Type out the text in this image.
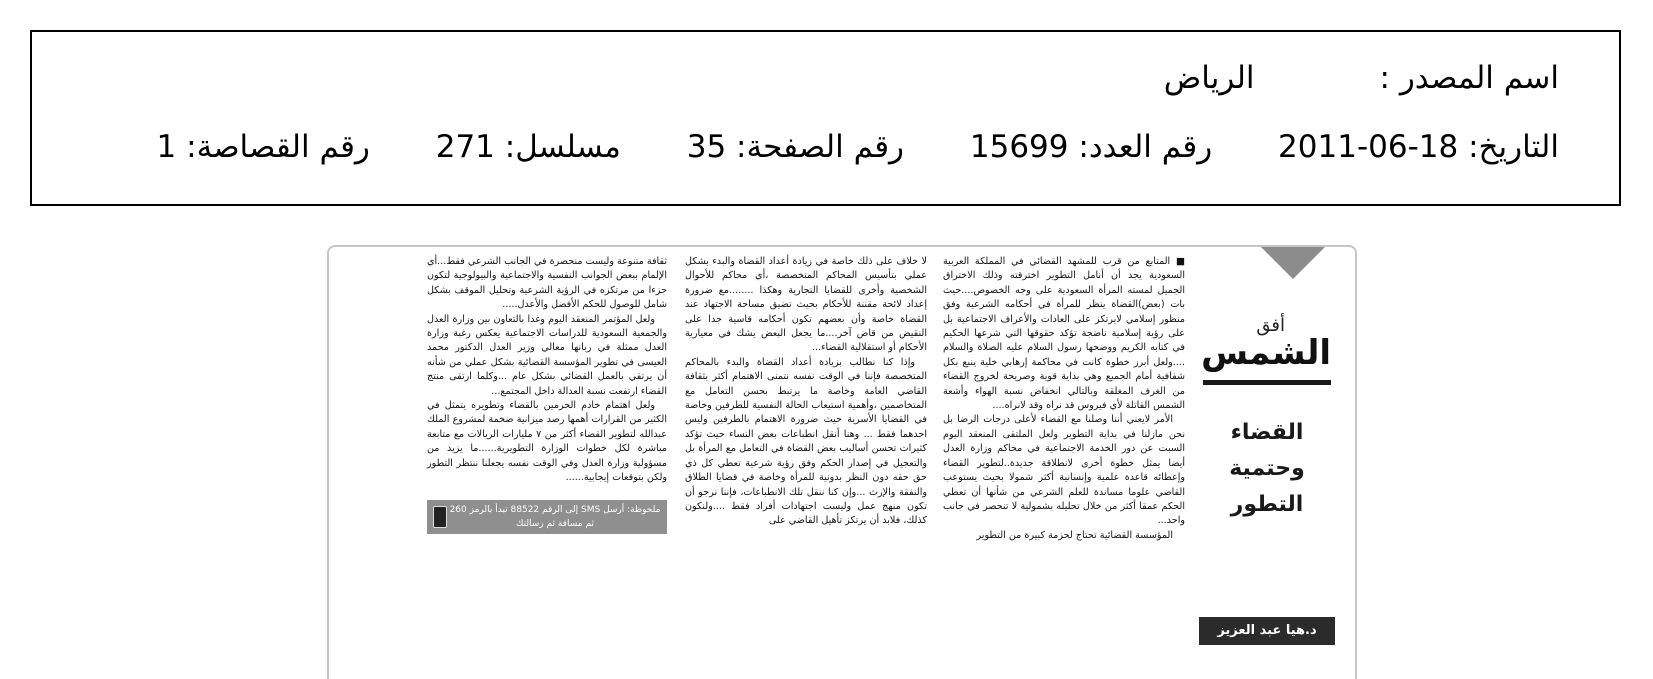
اسم المصدر :الرياض
التاريخ: 2011-06-18 رقم العدد: 15699 رقم الصفحة: 35 مسلسل: 271 رقم القصاصة: 1
أفق
الشمس
القضاء
وحتمية
التطور
د.هيا عبد العزيز المنيع

■ المتابع من قرب للمشهد القضائي في المملكة العربية السعودية يجد أن أنامل التطوير اخترقته وذلك الاختراق الجميل لمسته المرأة السعودية على وجه الخصوص....حيث بات (بعض)القضاة ينظر للمرأة في أحكامه الشرعية وفق منظور إسلامي لايرتكز على العادات والأعراف الاجتماعية بل على رؤية إسلامية ناضجة تؤكد حقوقها التي شرعها الحكيم في كتابه الكريم ووضحها رسول السلام عليه الصلاة والسلام ....ولعل أبرز خطوة كانت في محاكمة إرهابي خلية ينبع بكل شفافية أمام الجميع وهي بداية قوية وصريحة لخروج القضاء من الغرف المغلقة وبالتالي انخفاض نسبة الهواء وأشعة الشمس القاتلة لأي فيروس قد نراه وقد لانراه....

الأمر لايعني أننا وصلنا مع القضاء لأعلى درجات الرضا بل نحن مازلنا في بداية التطوير ولعل الملتقى المنعقد اليوم السبت عن دور الخدمة الاجتماعية في محاكم وزارة العدل أيضا يمثل خطوة أخرى لانطلاقة جديدة..لتطوير القضاء وإعطائه قاعدة علمية وإنسانية أكثر شمولا بحيث يستوعب القاضي علوما مساندة للعلم الشرعي من شأنها أن تعطي الحكم عمقا أكثر من خلال تحليله بشمولية لا تنحصر في جانب واحد...

المؤسسة القضائية تحتاج لحزمة كبيرة من التطوير

لا خلاف على ذلك خاصة في زيادة أعداد القضاة والبدء بشكل عملي بتأسيس المحاكم المتخصصة ،أي محاكم للأحوال الشخصية وأخرى للقضايا التجارية وهكذا ........مع ضرورة إعداد لائحة مقننة للأحكام بحيث تضيق مساحة الاجتهاد عند القضاة خاصة وأن بعضهم تكون أحكامه قاسية جدا على النقيض من قاض آخر....ما يجعل البعض يشك في معيارية الأحكام أو استقلالية القضاء...

وإذا كنا نطالب بزيادة أعداد القضاة والبدء بالمحاكم المتخصصة فإننا في الوقت نفسه نتمنى الاهتمام أكثر بثقافة القاضي العامة وخاصة ما يرتبط بحسن التعامل مع المتخاصمين ،وأهمية استيعاب الحالة النفسية للطرفين وخاصة في القضايا الأسرية حيث ضرورة الاهتمام بالطرفين وليس احدهما فقط ... وهنا أنقل انطباعات بعض النساء حيث تؤكد كثيرات تحسن أساليب بعض القضاة في التعامل مع المرأة بل والتعجيل في إصدار الحكم وفق رؤية شرعية تعطي كل ذي حق حقه دون النظر بدونية للمرأة وخاصة في قضايا الطلاق والنفقة والإرث ...وإن كنا ننقل تلك الانطباعات، فإننا نرجو أن تكون منهج عمل وليست اجتهادات أفراد فقط ....ولنكون كذلك، فلابد أن يرتكز تأهيل القاضي على

ثقافة متنوعة وليست منحصرة في الجانب الشرعي فقط...أي الإلمام ببعض الجوانب النفسية والاجتماعية والبيولوجية لتكون جزءا من مرتكزه في الرؤية الشرعية وتحليل الموقف بشكل شامل للوصول للحكم الأفضل والأعدل.....

ولعل المؤتمر المنعقد اليوم وغدا بالتعاون بين وزارة العدل والجمعية السعودية للدراسات الاجتماعية يعكس رغبة وزارة العدل ممثلة في ربانها معالي وزير العدل الدكتور محمد العيسى في تطوير المؤسسة القضائية بشكل عملي من شأنه أن يرتقي بالعمل القضائي بشكل عام ...وكلما ارتقى منتج القضاء ارتفعت نسبة العدالة داخل المجتمع...

ولعل اهتمام خادم الحرمين بالقضاء وتطويره يتمثل في الكثير من القرارات أهمها رصد ميزانية ضخمة لمشروع الملك عبدالله لتطوير القضاء أكثر من ٧ مليارات الريالات مع متابعة مباشرة لكل خطوات الوزارة التطويرية......ما يزيد من مسؤولية وزارة العدل وفي الوقت نفسه يجعلنا ننتظر التطور ولكن بتوقعات إيجابية......

ملحوظة: أرسل SMS إلى الرقم 88522 تبدأ بالرمز 260 ثم مسافة ثم رسالتك
